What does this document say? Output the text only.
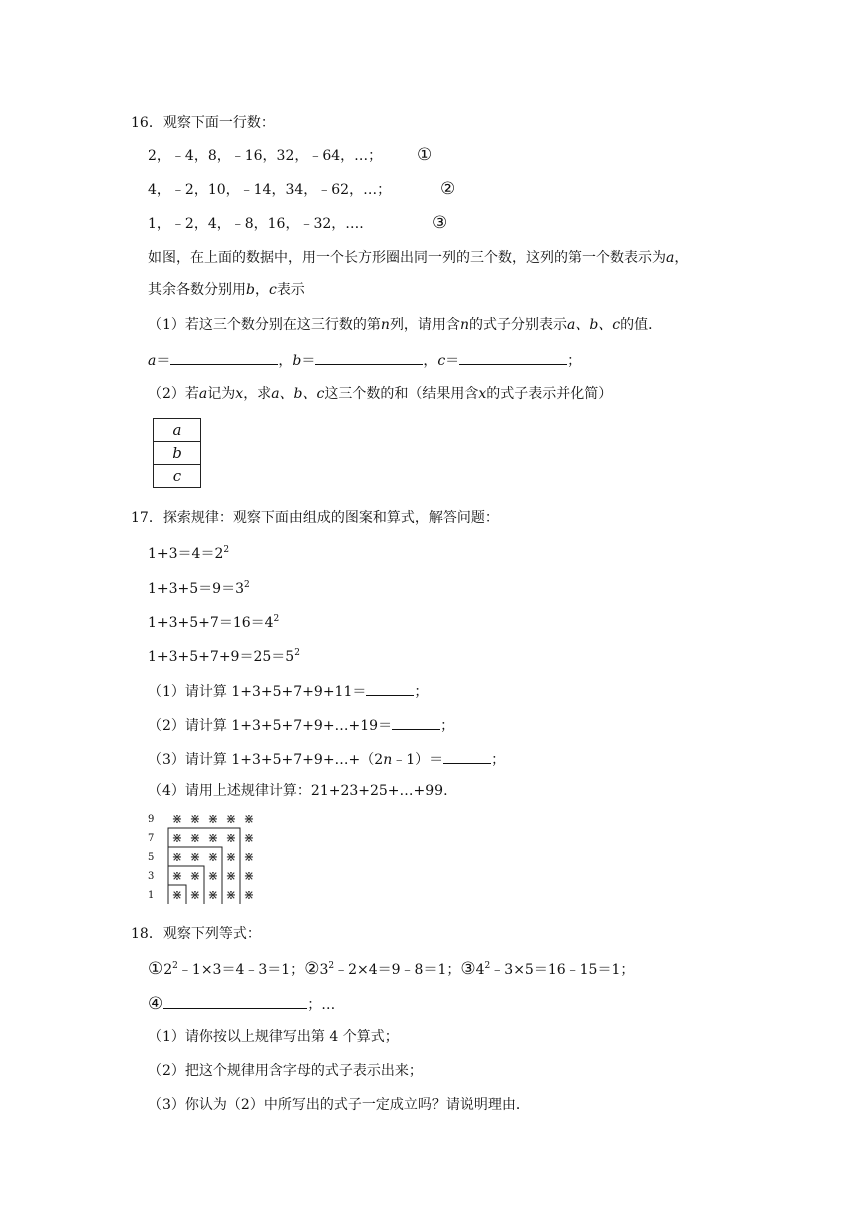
16．观察下面一行数：
2，﹣4，8，﹣16，32，﹣64，…； ①
4，﹣2，10，﹣14，34，﹣62，…；	②
1，﹣2，4，﹣8，16，﹣32，….	③
如图，在上面的数据中，用一个长方形圈出同一列的三个数，这列的第一个数表示为a，
其余各数分别用b，c表示
（1）若这三个数分别在这三行数的第n列，请用含n的式子分别表示a、b、c的值．
a＝	，b＝	，c＝	；
（2）若a记为x，求a、b、c这三个数的和（结果用含x的式子表示并化简）
a
b
c
17．探索规律：观察下面由组成的图案和算式，解答问题：
$1+3=4=2^2$
$1+3+5=9=3^2$
$1+3+5+7=16=4^2$
$1+3+5+7+9=25=5^2$
（1）请计算 1+3+5+7+9+11＝	；
（2）请计算 1+3+5+7+9+…+19＝	；
（3）请计算 1+3+5+7+9+…+（2n﹣1）＝	；
（4）请用上述规律计算：21+23+25+…+99.
9
7
5
3
1
⋇ ⋇ ⋇ ⋇ ⋇
⋇ ⋇ ⋇ ⋇ ⋇
⋇ ⋇ ⋇ ⋇ ⋇
⋇ ⋇ ⋇ ⋇ ⋇
⋇ ⋇ ⋇ ⋇ ⋇
18．观察下列等式：
$①2^2﹣1\times 3=4﹣3=1$；$②3^2﹣2\times 4=9﹣8=1$；$③4^2﹣3\times 5=16﹣15=1$；
④	；…
（1）请你按以上规律写出第 4 个算式；
（2）把这个规律用含字母的式子表示出来；
（3）你认为（2）中所写出的式子一定成立吗？请说明理由．
